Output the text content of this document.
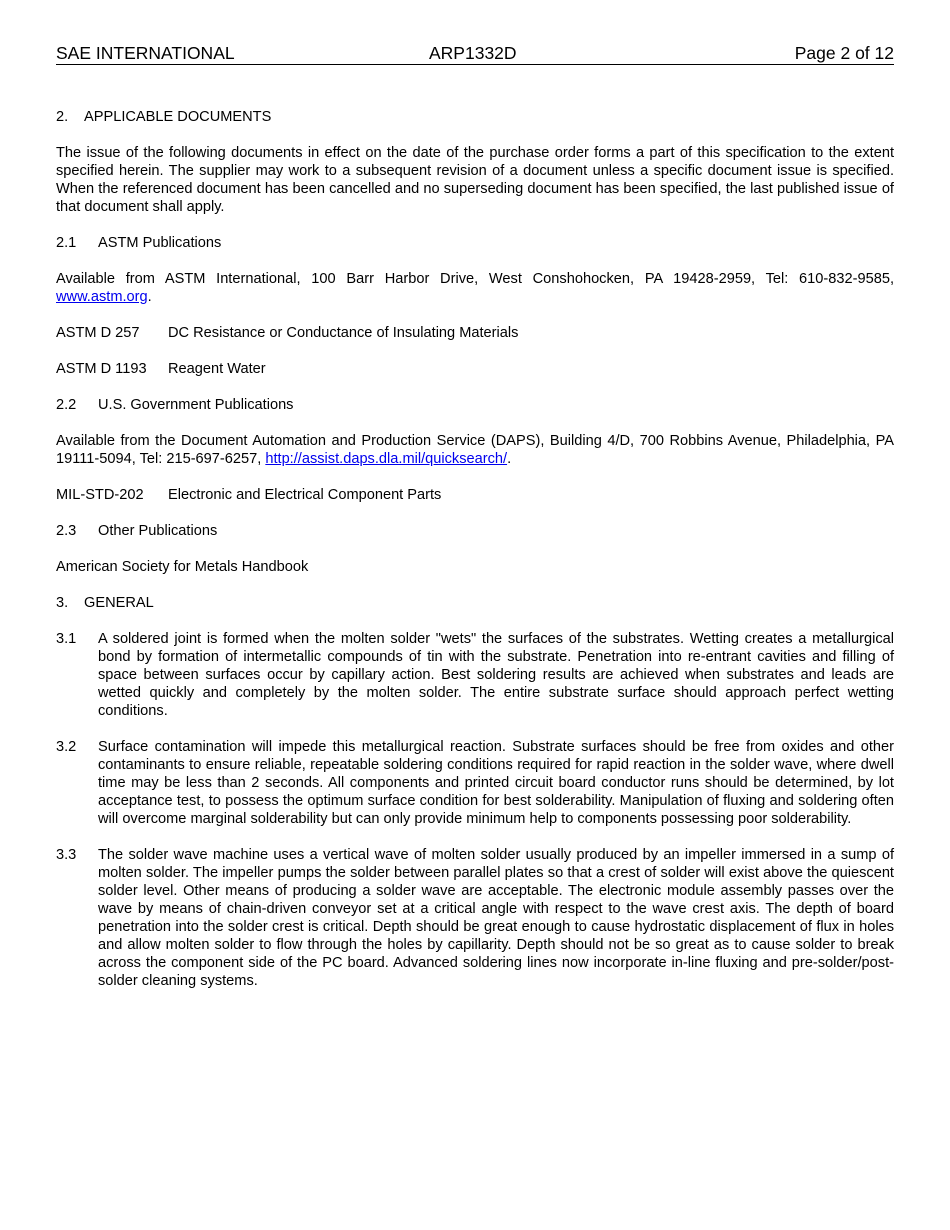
SAE INTERNATIONAL	ARP1332D	Page 2 of 12

2. APPLICABLE DOCUMENTS

The issue of the following documents in effect on the date of the purchase order forms a part of this specification to the extent specified herein. The supplier may work to a subsequent revision of a document unless a specific document issue is specified. When the referenced document has been cancelled and no superseding document has been specified, the last published issue of that document shall apply.

2.1 ASTM Publications

Available from ASTM International, 100 Barr Harbor Drive, West Conshohocken, PA 19428-2959, Tel: 610-832-9585, www.astm.org.

ASTM D 257 DC Resistance or Conductance of Insulating Materials

ASTM D 1193 Reagent Water

2.2 U.S. Government Publications

Available from the Document Automation and Production Service (DAPS), Building 4/D, 700 Robbins Avenue, Philadelphia, PA 19111-5094, Tel: 215-697-6257, http://assist.daps.dla.mil/quicksearch/.

MIL-STD-202 Electronic and Electrical Component Parts

2.3 Other Publications

American Society for Metals Handbook

3. GENERAL

3.1 A soldered joint is formed when the molten solder "wets" the surfaces of the substrates. Wetting creates a metallurgical bond by formation of intermetallic compounds of tin with the substrate. Penetration into re-entrant cavities and filling of space between surfaces occur by capillary action. Best soldering results are achieved when substrates and leads are wetted quickly and completely by the molten solder. The entire substrate surface should approach perfect wetting conditions.
3.2 Surface contamination will impede this metallurgical reaction. Substrate surfaces should be free from oxides and other contaminants to ensure reliable, repeatable soldering conditions required for rapid reaction in the solder wave, where dwell time may be less than 2 seconds. All components and printed circuit board conductor runs should be determined, by lot acceptance test, to possess the optimum surface condition for best solderability. Manipulation of fluxing and soldering often will overcome marginal solderability but can only provide minimum help to components possessing poor solderability.
3.3 The solder wave machine uses a vertical wave of molten solder usually produced by an impeller immersed in a sump of molten solder. The impeller pumps the solder between parallel plates so that a crest of solder will exist above the quiescent solder level. Other means of producing a solder wave are acceptable. The electronic module assembly passes over the wave by means of chain-driven conveyor set at a critical angle with respect to the wave crest axis. The depth of board penetration into the solder crest is critical. Depth should be great enough to cause hydrostatic displacement of flux in holes and allow molten solder to flow through the holes by capillarity. Depth should not be so great as to cause solder to break across the component side of the PC board. Advanced soldering lines now incorporate in-line fluxing and pre-solder/post-solder cleaning systems.
